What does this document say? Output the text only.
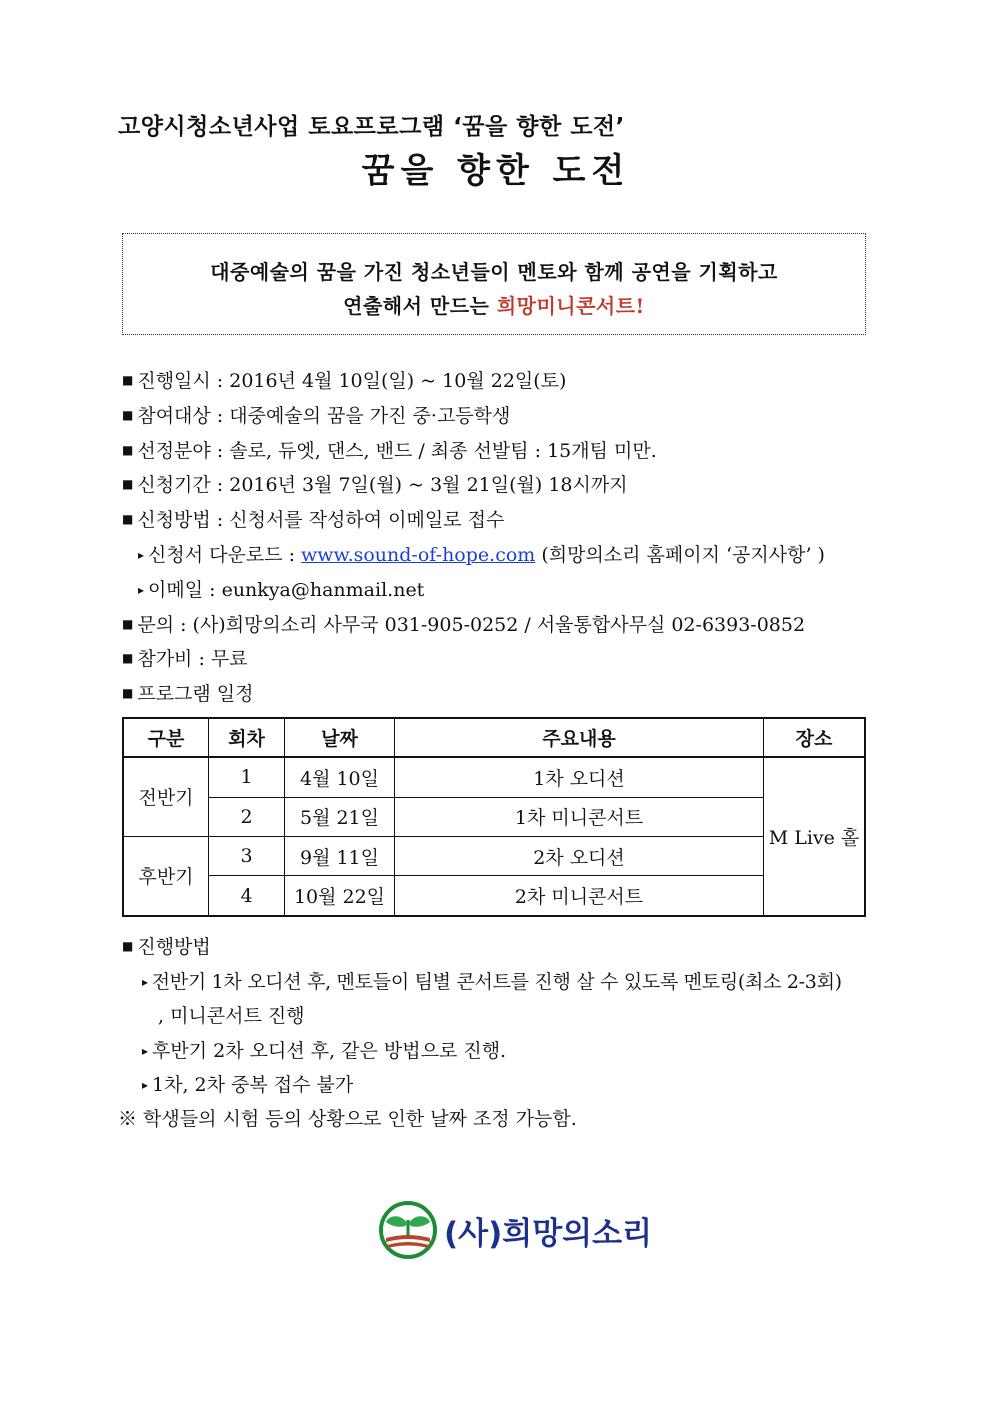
고양시청소년사업 토요프로그램 ‘꿈을 향한 도전’
꿈을 향한 도전
대중예술의 꿈을 가진 청소년들이 멘토와 함께 공연을 기획하고
연출해서 만드는 희망미니콘서트!
■ 진행일시 : 2016년 4월 10일(일) ~ 10월 22일(토)
■ 참여대상 : 대중예술의 꿈을 가진 중·고등학생
■ 선정분야 : 솔로, 듀엣, 댄스, 밴드 / 최종 선발팀 : 15개팀 미만.
■ 신청기간 : 2016년 3월 7일(월) ~ 3월 21일(월) 18시까지
■ 신청방법 : 신청서를 작성하여 이메일로 접수
▸ 신청서 다운로드 : www.sound-of-hope.com (희망의소리 홈페이지 ‘공지사항’ )
▸ 이메일 : eunkya@hanmail.net
■ 문의 : (사)희망의소리 사무국 031-905-0252 / 서울통합사무실 02-6393-0852
■ 참가비 : 무료
■ 프로그램 일정
구분	회차	날짜	주요내용	장소
전반기	1	4월 10일	1차 오디션	M Live 홀
	2	5월 21일	1차 미니콘서트	
후반기	3	9월 11일	2차 오디션	
	4	10월 22일	2차 미니콘서트	
■ 진행방법
▸ 전반기 1차 오디션 후, 멘토들이 팀별 콘서트를 진행 살 수 있도록 멘토링(최소 2-3회)
, 미니콘서트 진행
▸ 후반기 2차 오디션 후, 같은 방법으로 진행.
▸ 1차, 2차 중복 접수 불가
※ 학생들의 시험 등의 상황으로 인한 날짜 조정 가능함.
(사)희망의소리
